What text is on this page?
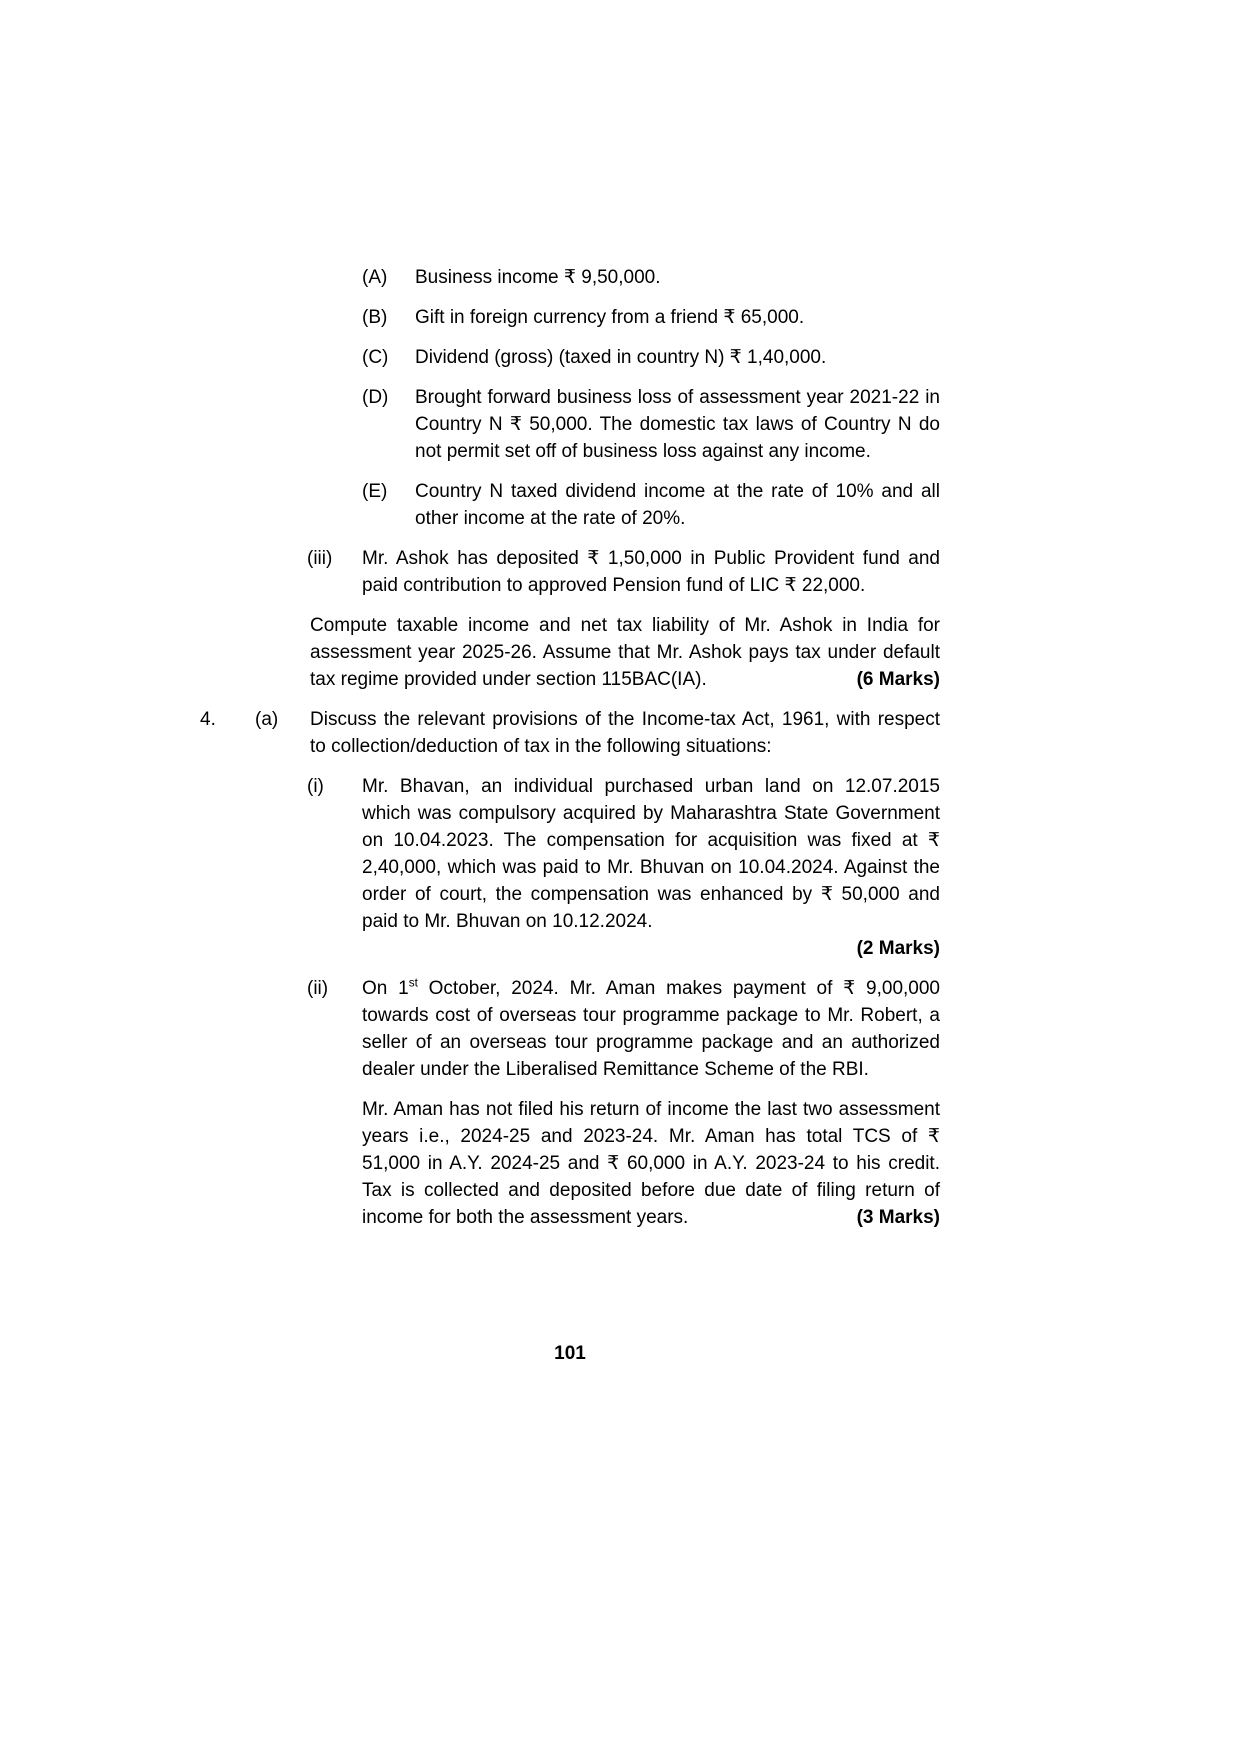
(A)	Business income ₹ 9,50,000.

(B)	Gift in foreign currency from a friend ₹ 65,000.

(C)	Dividend (gross) (taxed in country N) ₹ 1,40,000.

(D)	Brought forward business loss of assessment year 2021-22 in Country N ₹ 50,000. The domestic tax laws of Country N do not permit set off of business loss against any income.

(E)	Country N taxed dividend income at the rate of 10% and all other income at the rate of 20%.

(iii)	Mr. Ashok has deposited ₹ 1,50,000 in Public Provident fund and paid contribution to approved Pension fund of LIC ₹ 22,000.

Compute taxable income and net tax liability of Mr. Ashok in India for assessment year 2025-26. Assume that Mr. Ashok pays tax under default tax regime provided under section 115BAC(IA).	(6 Marks)

4.	(a)	Discuss the relevant provisions of the Income-tax Act, 1961, with respect to collection/deduction of tax in the following situations:

(i)	Mr. Bhavan, an individual purchased urban land on 12.07.2015 which was compulsory acquired by Maharashtra State Government on 10.04.2023. The compensation for acquisition was fixed at ₹ 2,40,000, which was paid to Mr. Bhuvan on 10.04.2024. Against the order of court, the compensation was enhanced by ₹ 50,000 and paid to Mr. Bhuvan on 10.12.2024.

(2 Marks)
(ii)	On 1st October, 2024. Mr. Aman makes payment of ₹ 9,00,000 towards cost of overseas tour programme package to Mr. Robert, a seller of an overseas tour programme package and an authorized dealer under the Liberalised Remittance Scheme of the RBI.

Mr. Aman has not filed his return of income the last two assessment years i.e., 2024-25 and 2023-24. Mr. Aman has total TCS of ₹ 51,000 in A.Y. 2024-25 and ₹ 60,000 in A.Y. 2023-24 to his credit. Tax is collected and deposited before due date of filing return of income for both the assessment years.	(3 Marks)

101
